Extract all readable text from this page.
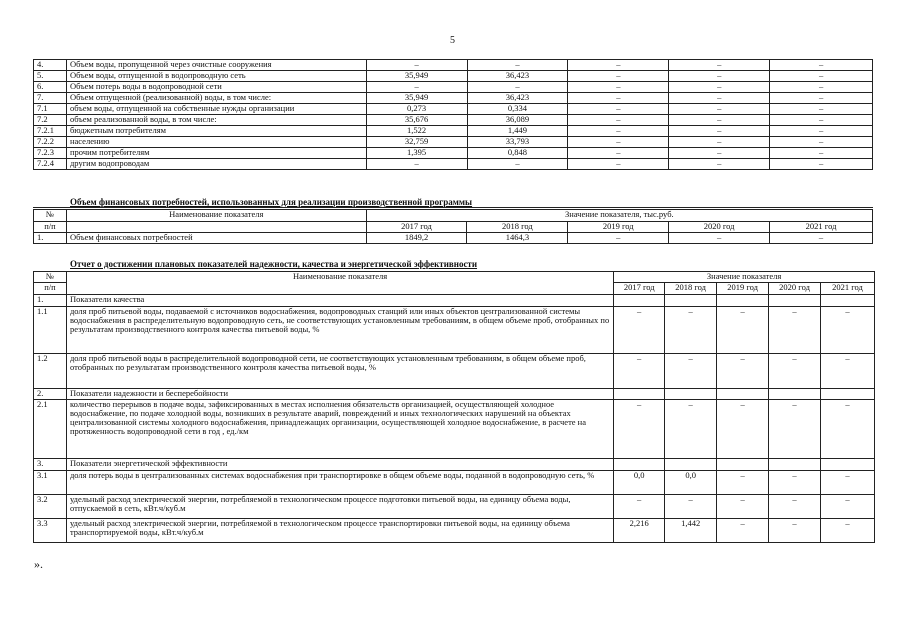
5
4.	Объем воды, пропущенной через очистные сооружения	–	–	–	–	–
5.	Объем воды, отпущенной в водопроводную сеть	35,949	36,423	–	–	–
6.	Объем потерь воды в водопроводной сети	–	–	–	–	–
7.	Объем отпущенной (реализованной) воды, в том числе:	35,949	36,423	–	–	–
7.1	объем воды, отпущенной на собственные нужды организации	0,273	0,334	–	–	–
7.2	объем реализованной воды, в том числе:	35,676	36,089	–	–	–
7.2.1	бюджетным потребителям	1,522	1,449	–	–	–
7.2.2	населению	32,759	33,793	–	–	–
7.2.3	прочим потребителям	1,395	0,848	–	–	–
7.2.4	другим водопроводам	–	–	–	–	–
Объем финансовых потребностей, использованных для реализации производственной программы
№	Наименование показателя	Значение показателя, тыс.руб.				
п/п		2017 год	2018 год	2019 год	2020 год	2021 год
1.	Объем финансовых потребностей	1849,2	1464,3	–	–	–
Отчет о достижении плановых показателей надежности, качества и энергетической эффективности
№	Наименование показателя	Значение показателя				
п/п		2017 год	2018 год	2019 год	2020 год	2021 год
1.	Показатели качества					
1.1	доля проб питьевой воды, подаваемой с источников водоснабжения, водопроводных станций или иных объектов централизованной системы водоснабжения в распределительную водопроводную сеть, не соответствующих установленным требованиям, в общем объеме проб, отобранных по результатам производственного контроля качества питьевой воды, %	–	–	–	–	–
1.2	доля проб питьевой воды в распределительной водопроводной сети, не соответствующих установленным требованиям, в общем объеме проб, отобранных по результатам производственного контроля качества питьевой воды, %	–	–	–	–	–
2.	Показатели надежности и бесперебойности					
2.1	количество перерывов в подаче воды, зафиксированных в местах исполнения обязательств организацией, осуществляющей холодное водоснабжение, по подаче холодной воды, возникших в результате аварий, повреждений и иных технологических нарушений на объектах централизованной системы холодного водоснабжения, принадлежащих организации, осуществляющей холодное водоснабжение, в расчете на протяженность водопроводной сети в год , ед./км	–	–	–	–	–
3.	Показатели энергетической эффективности					
3.1	доля потерь воды в централизованных системах водоснабжения при транспортировке в общем объеме воды, поданной в водопроводную сеть, %	0,0	0,0	–	–	–
3.2	удельный расход электрической энергии, потребляемой в технологическом процессе подготовки питьевой воды, на единицу объема воды, отпускаемой в сеть, кВт.ч/куб.м	–	–	–	–	–
3.3	удельный расход электрической энергии, потребляемой в технологическом процессе транспортировки питьевой воды, на единицу объема транспортируемой воды, кВт.ч/куб.м	2,216	1,442	–	–	–
».
